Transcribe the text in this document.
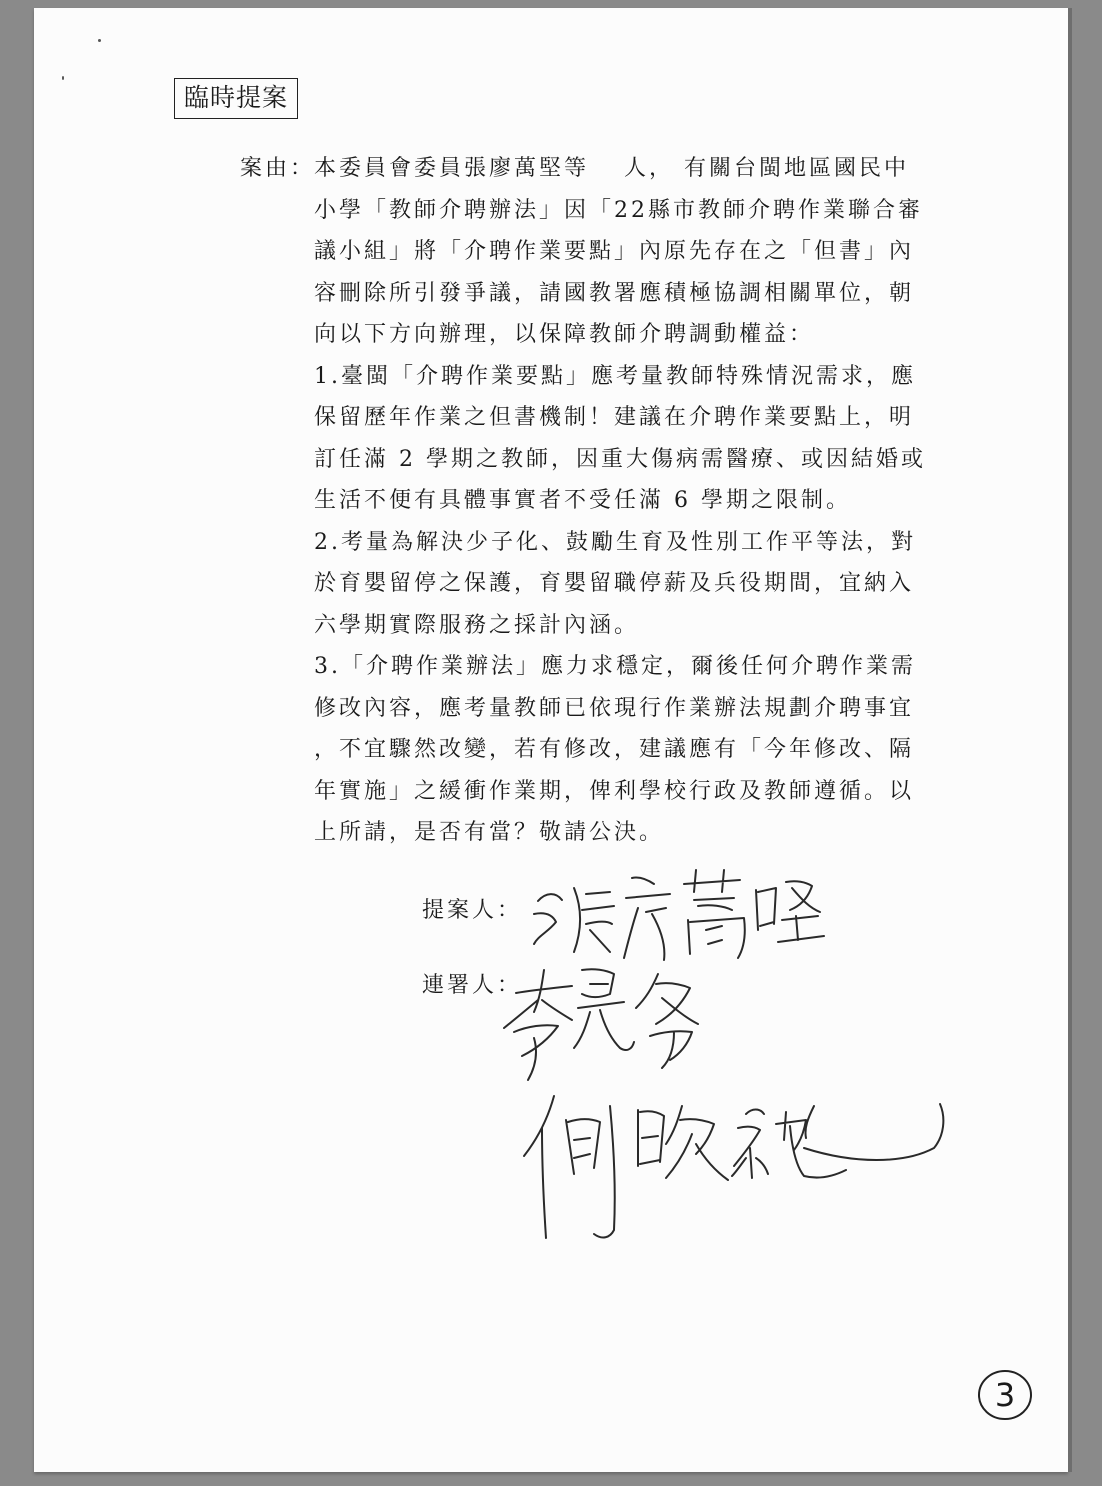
臨時提案
案由：
本委員會委員張廖萬堅等　 人， 有關台閩地區國民中
小學「教師介聘辦法」因「22縣市教師介聘作業聯合審
議小組」將「介聘作業要點」內原先存在之「但書」內
容刪除所引發爭議，請國教署應積極協調相關單位，朝
向以下方向辦理，以保障教師介聘調動權益：
1.臺閩「介聘作業要點」應考量教師特殊情況需求，應
保留歷年作業之但書機制！建議在介聘作業要點上，明
訂任滿 2 學期之教師，因重大傷病需醫療、或因結婚或
生活不便有具體事實者不受任滿 6 學期之限制。
2.考量為解決少子化、鼓勵生育及性別工作平等法，對
於育嬰留停之保護，育嬰留職停薪及兵役期間，宜納入
六學期實際服務之採計內涵。
3.「介聘作業辦法」應力求穩定，爾後任何介聘作業需
修改內容，應考量教師已依現行作業辦法規劃介聘事宜
，不宜驟然改變，若有修改，建議應有「今年修改、隔
年實施」之緩衝作業期，俾利學校行政及教師遵循。以
上所請，是否有當？敬請公決。
提案人：
連署人：
3
